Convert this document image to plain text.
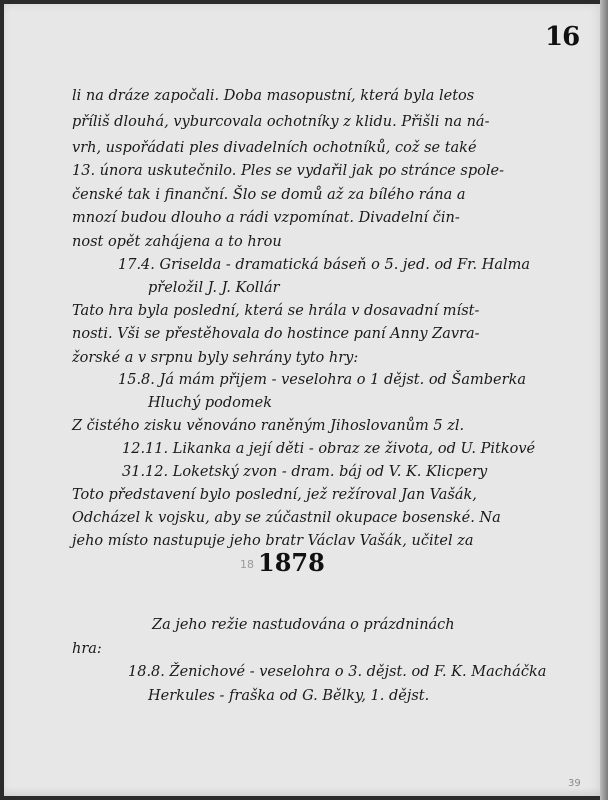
16
li na dráze započali. Doba masopustní, která byla letos
příliš dlouhá, vyburcovala ochotníky z klidu. Přišli na ná-
vrh, uspořádati ples divadelních ochotníků, což se také
13. února uskutečnilo. Ples se vydařil jak po stránce spole-
čenské tak i finanční. Šlo se domů až za bílého rána a
mnozí budou dlouho a rádi vzpomínat. Divadelní čin-
nost opět zahájena a to hrou
17.4. Griselda - dramatická báseň o 5. jed. od Fr. Halma
přeložil J. J. Kollár
Tato hra byla poslední, která se hrála v dosavadní míst-
nosti. Vši se přestěhovala do hostince paní Anny Zavra-
žorské a v srpnu byly sehrány tyto hry:
15.8. Já mám přijem - veselohra o 1 dějst. od Šamberka
Hluchý podomek
Z čistého zisku věnováno raněným Jihoslovanům 5 zl.
12.11. Likanka a její děti - obraz ze života, od U. Pitkové
31.12. Loketský zvon - dram. báj od V. K. Klicpery
Toto představení bylo poslední, jež režíroval Jan Vašák,
Odcházel k vojsku, aby se zúčastnil okupace bosenské. Na
jeho místo nastupuje jeho bratr Václav Vašák, učitel za
18 1878
Za jeho režie nastudována o prázdninách
hra:
18.8. Ženichové - veselohra o 3. dějst. od F. K. Macháčka
Herkules - fraška od G. Bělky, 1. dějst.
39
